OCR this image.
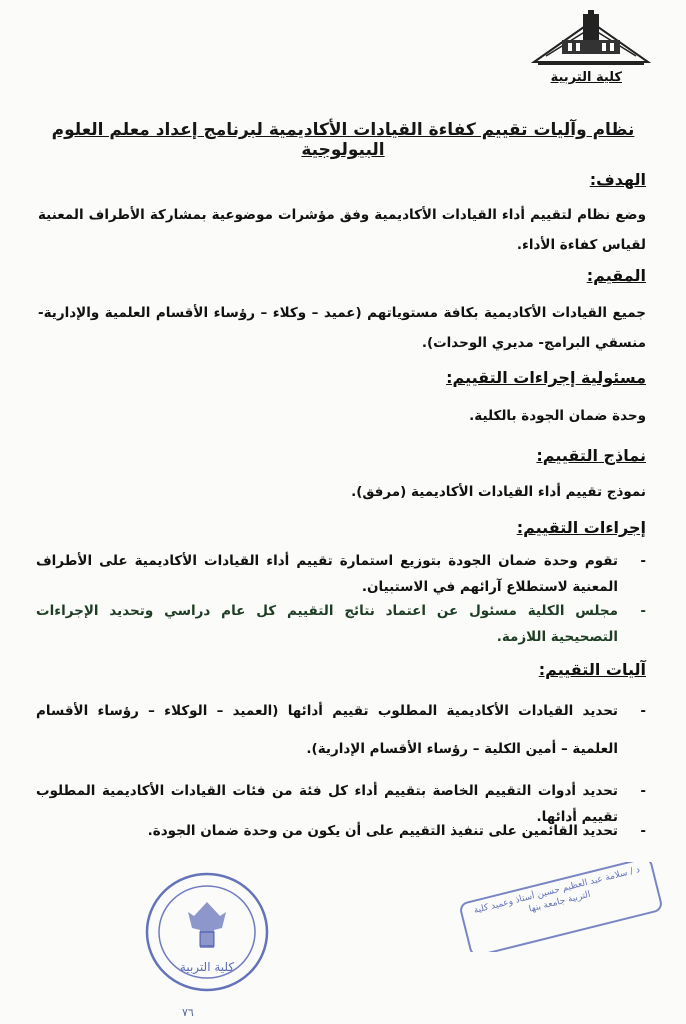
كلية التربية
نظام وآليات تقييم كفاءة القيادات الأكاديمية لبرنامج إعداد معلم العلوم البيولوجية
الهدف:
وضع نظام لتقييم أداء القيادات الأكاديمية وفق مؤشرات موضوعية بمشاركة الأطراف المعنية لقياس كفاءة الأداء.
المقيم:
جميع القيادات الأكاديمية بكافة مستوياتهم (عميد – وكلاء – رؤساء الأقسام العلمية والإدارية- منسقي البرامج- مديري الوحدات).
مسئولية إجراءات التقييم:
وحدة ضمان الجودة بالكلية.
نماذج التقييم:
نموذج تقييم أداء القيادات الأكاديمية (مرفق).
إجراءات التقييم:
-
تقوم وحدة ضمان الجودة بتوزيع استمارة تقييم أداء القيادات الأكاديمية على الأطراف المعنية لاستطلاع آرائهم في الاستبيان.
-
مجلس الكلية مسئول عن اعتماد نتائج التقييم كل عام دراسي وتحديد الإجراءات التصحيحية اللازمة.
آليات التقييم:
-
تحديد القيادات الأكاديمية المطلوب تقييم أدائها (العميد – الوكلاء – رؤساء الأقسام العلمية – أمين الكلية – رؤساء الأقسام الإدارية).
-
تحديد أدوات التقييم الخاصة بتقييم أداء كل فئة من فئات القيادات الأكاديمية المطلوب تقييم أدائها.
-
تحديد القائمين على تنفيذ التقييم على أن يكون من وحدة ضمان الجودة.
كلية التربية
د / سلامة عبد العظيم حسين أستاذ وعميد كلية التربية جامعة بنها
٧٦
